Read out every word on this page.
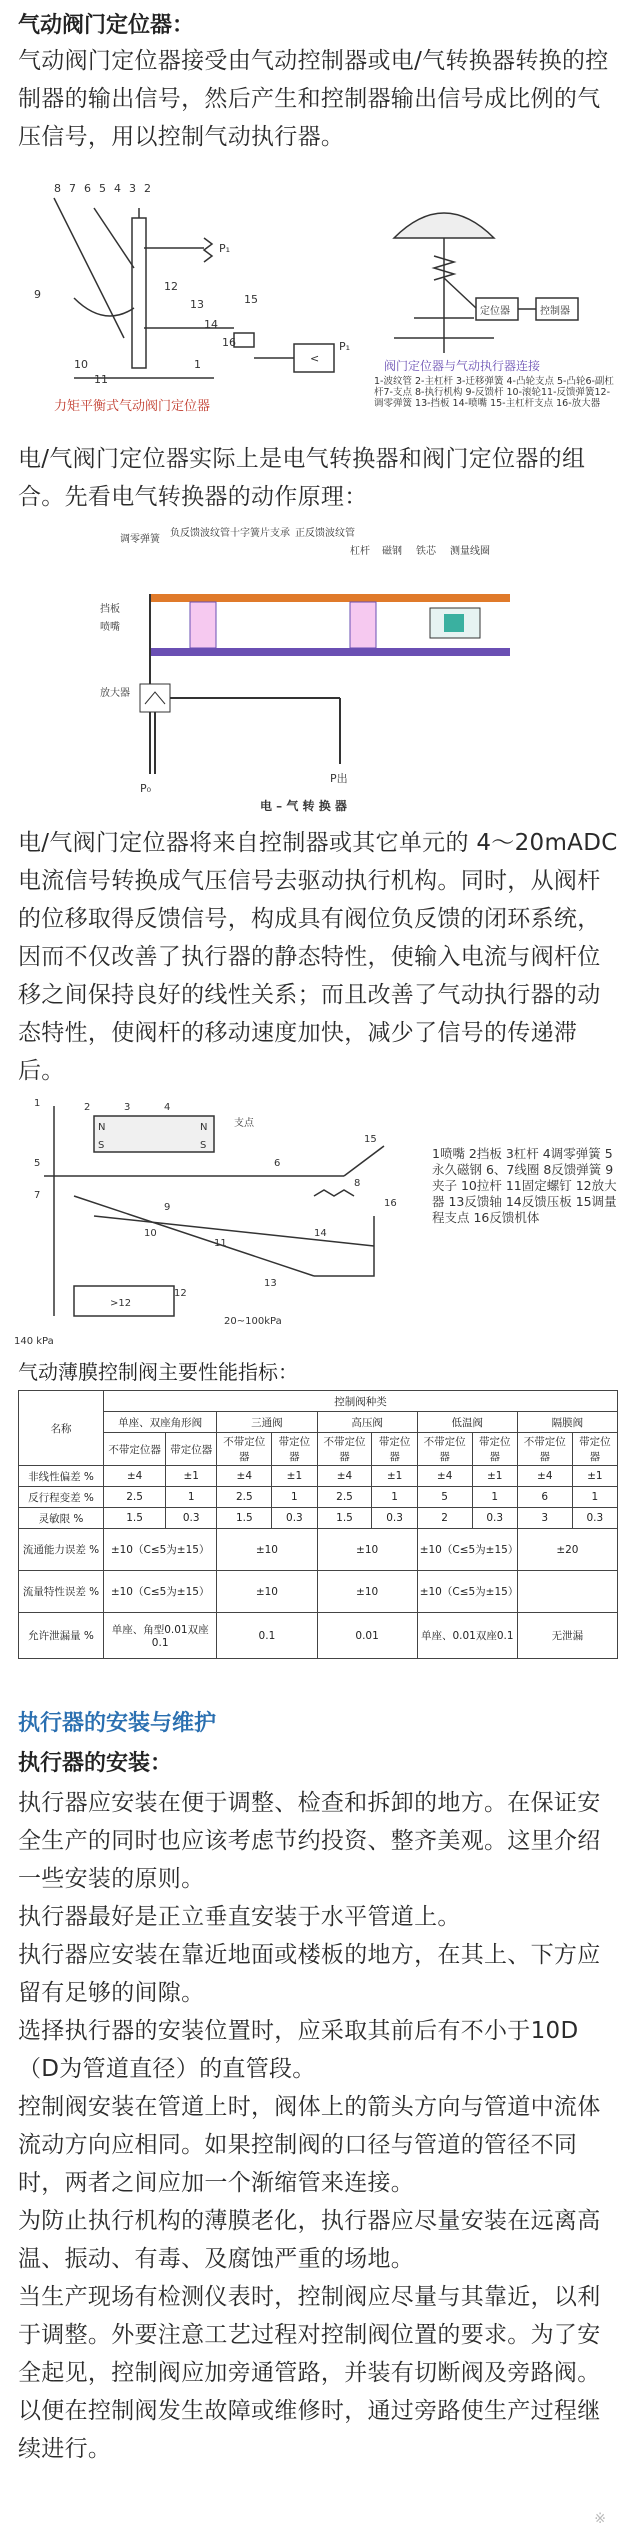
气动阀门定位器：

气动阀门定位器接受由气动控制器或电/气转换器转换的控制器的输出信号，然后产生和控制器输出信号成比例的气压信号，用以控制气动执行器。

8 7 6 5 4 3 2
9
10
11
12
13
14
15
16
1
P₁
<
P₁
力矩平衡式气动阀门定位器
定位器	控制器
阀门定位器与气动执行器连接
1-波纹管 2-主杠杆 3-迁移弹簧 4-凸轮支点 5-凸轮6-副杠杆7-支点 8-执行机构 9-反馈杆 10-滚轮11-反馈弹簧12-调零弹簧 13-挡板 14-喷嘴 15-主杠杆支点 16-放大器

电/气阀门定位器实际上是电气转换器和阀门定位器的组合。先看电气转换器的动作原理：

调零弹簧
负反馈波纹管 十字簧片支承 正反馈波纹管
杠杆 磁钢 铁芯 测量线圈
挡板
喷嘴
放大器
P₀
P出
电 – 气 转 换 器

电/气阀门定位器将来自控制器或其它单元的 4～20mADC 电流信号转换成气压信号去驱动执行机构。同时，从阀杆的位移取得反馈信号，构成具有阀位负反馈的闭环系统，因而不仅改善了执行器的静态特性，使输入电流与阀杆位移之间保持良好的线性关系；而且改善了气动执行器的动态特性，使阀杆的移动速度加快，减少了信号的传递滞后。

N
S
N
S
支点
>12
20~100kPa
140 kPa
1	2	3	4
5	6
7
8
9
10
11
12
13
14
15
16
1喷嘴 2挡板 3杠杆 4调零弹簧 5永久磁钢 6、7线圈 8反馈弹簧 9夹子 10拉杆 11固定螺钉 12放大器 13反馈轴 14反馈压板 15调量程支点 16反馈机体
气动薄膜控制阀主要性能指标：
名称	控制阀种类									
	单座、双座角形阀		三通阀		高压阀		低温阀		隔膜阀	
	不带定位器	带定位器	不带定位器	带定位器	不带定位器	带定位器	不带定位器	带定位器	不带定位器	带定位器
非线性偏差 %	±4	±1	±4	±1	±4	±1	±4	±1	±4	±1
反行程变差 %	2.5	1	2.5	1	2.5	1	5	1	6	1
灵敏限 %	1.5	0.3	1.5	0.3	1.5	0.3	2	0.3	3	0.3
流通能力误差 %	±10（C≤5为±15）		±10		±10		±10（C≤5为±15）		±20	
流量特性误差 %	±10（C≤5为±15）		±10		±10		±10（C≤5为±15）			
允许泄漏量 %	单座、角型0.01双座0.1		0.1		0.01		单座、0.01双座0.1		无泄漏	
执行器的安装与维护
执行器的安装：

执行器应安装在便于调整、检查和拆卸的地方。在保证安全生产的同时也应该考虑节约投资、整齐美观。这里介绍一些安装的原则。

执行器最好是正立垂直安装于水平管道上。

执行器应安装在靠近地面或楼板的地方，在其上、下方应留有足够的间隙。

选择执行器的安装位置时，应采取其前后有不小于10D（D为管道直径）的直管段。

控制阀安装在管道上时，阀体上的箭头方向与管道中流体流动方向应相同。如果控制阀的口径与管道的管径不同时，两者之间应加一个渐缩管来连接。

为防止执行机构的薄膜老化，执行器应尽量安装在远离高温、振动、有毒、及腐蚀严重的场地。

当生产现场有检测仪表时，控制阀应尽量与其靠近，以利于调整。外要注意工艺过程对控制阀位置的要求。为了安全起见，控制阀应加旁通管路，并装有切断阀及旁路阀。以便在控制阀发生故障或维修时，通过旁路使生产过程继续进行。

※
